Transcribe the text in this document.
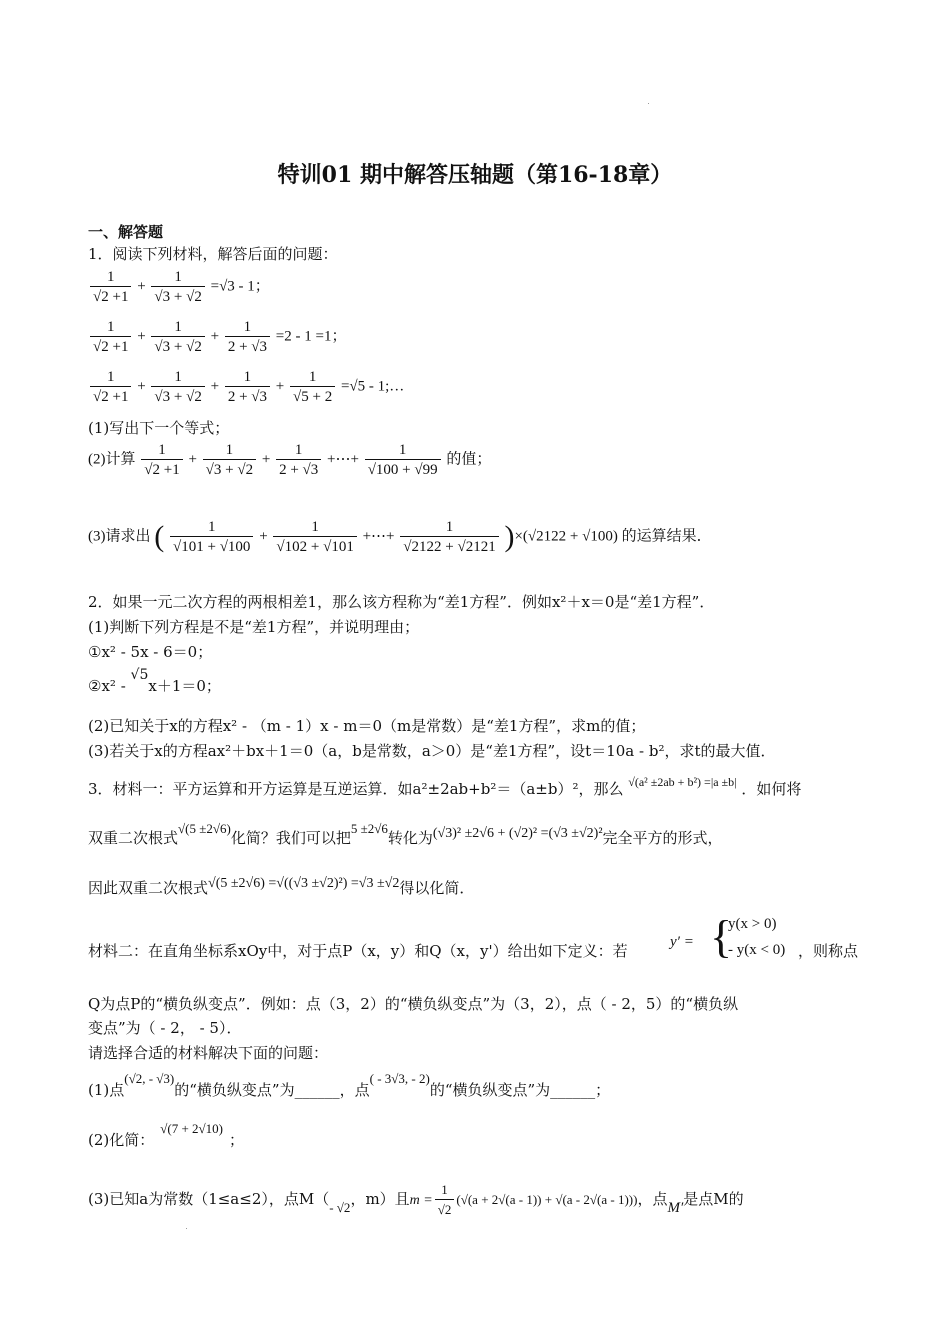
特训01 期中解答压轴题（第16-18章）
一、解答题
1．阅读下列材料，解答后面的问题：
$\frac{1}{√2 +1} + \frac{1}{√3 + √2} =√3 - 1$；
$\frac{1}{√2 +1} + \frac{1}{√3 + √2} + \frac{1}{2 + √3} =2 - 1 =1$；
$\frac{1}{√2 +1} + \frac{1}{√3 + √2} + \frac{1}{2 + √3} + \frac{1}{√5 + 2} =√5$ - 1;…
(1)写出下一个等式；
(2)计算 $\frac{1}{√2 +1} + \frac{1}{√3 + √2} + \frac{1}{2 + √3}$ +⋯+ $\frac{1}{√100 + √99}$ 的值；
(3)请求出 ( $\frac{1}{√101 + √100} + \frac{1}{√102 + √101}$ +⋯+ $\frac{1}{√2122 + √2121} )\times(√2122 + √100)$ 的运算结果．
2．如果一元二次方程的两根相差1，那么该方程称为“差1方程”．例如x²＋x＝0是“差1方程”．
(1)判断下列方程是不是“差1方程”，并说明理由；
①x² - 5x - 6＝0；
②x² - √5x＋1＝0；
(2)已知关于x的方程x² - （m - 1）x - m＝0（m是常数）是“差1方程”，求m的值；
(3)若关于x的方程ax²＋bx＋1＝0（a，b是常数，a＞0）是“差1方程”，设t＝10a - b²，求t的最大值．
3．材料一：平方运算和开方运算是互逆运算．如a²±2ab+b²＝（a±b）²，那么 $^{√(a^2 \pm 2ab + b^2) =|a \pm b|}$ ．如何将
双重二次根式√(5 ±2√6)化简？我们可以把5 ±2√6转化为(√3)² ±2√6 + (√2)² =(√3 ±√2)²完全平方的形式，
因此双重二次根式√(5 ±2√6) =√((√3 ±√2)²) =√3 ±√2得以化简．
材料二：在直角坐标系xOy中，对于点P（x，y）和Q（x，y'）给出如下定义：若	y′ = {
y(x > 0)
- y(x < 0) ，则称点
Q为点P的“横负纵变点”．例如：点（3，2）的“横负纵变点”为（3，2），点（ - 2，5）的“横负纵
变点”为（ - 2， - 5）．
请选择合适的材料解决下面的问题：
(1)点(√2, - √3)的“横负纵变点”为______，点( - 3√3, - 2)的“横负纵变点”为______；
(2)化简：√(7 + 2√10)；
(3)已知a为常数（1≤a≤2），点M（- √2，m）且$m = \frac{1}{√2} (√(a + 2√(a - 1)) + √(a - 2√(a - 1)))$，点M′是点M的
